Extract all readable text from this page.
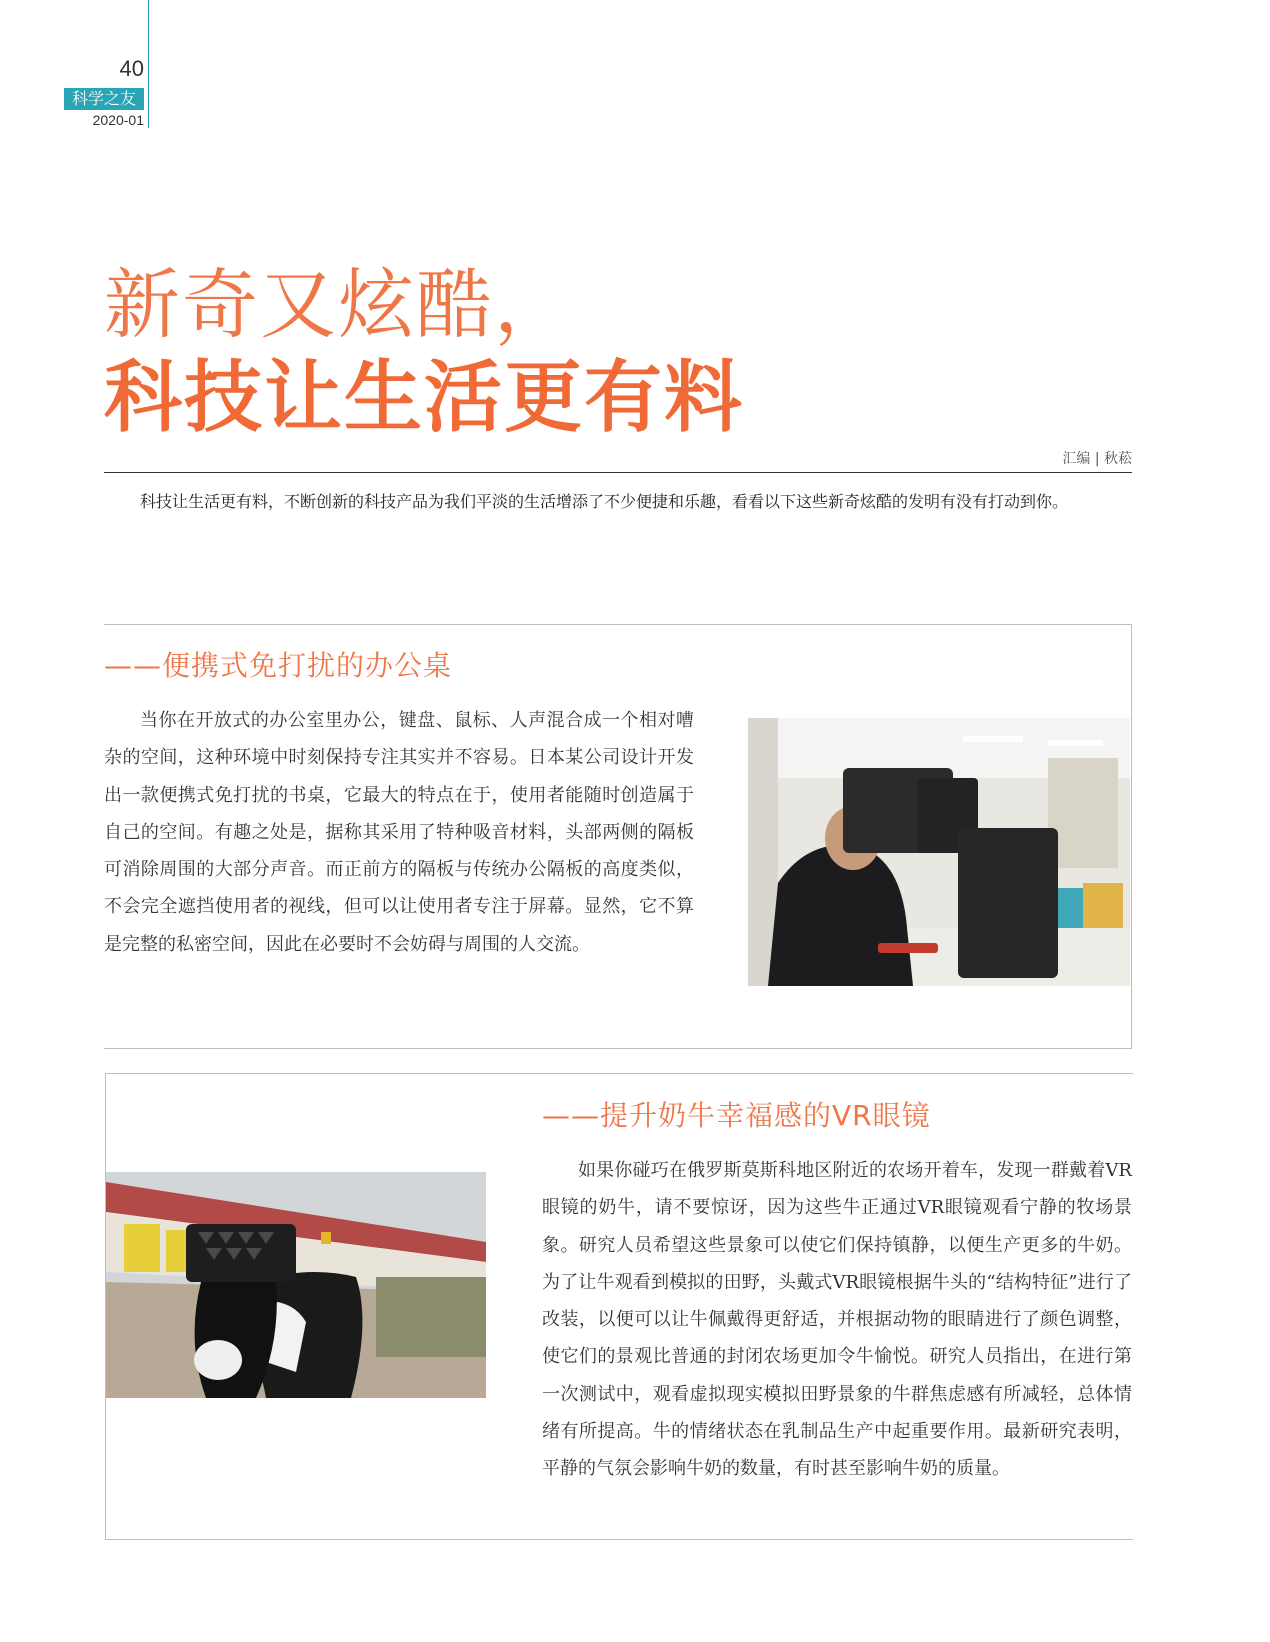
40
科学之友
2020-01
新奇又炫酷，
科技让生活更有料
汇编 | 秋菘
科技让生活更有料，不断创新的科技产品为我们平淡的生活增添了不少便捷和乐趣，看看以下这些新奇炫酷的发明有没有打动到你。
——便携式免打扰的办公桌
当你在开放式的办公室里办公，键盘、鼠标、人声混合成一个相对嘈杂的空间，这种环境中时刻保持专注其实并不容易。日本某公司设计开发出一款便携式免打扰的书桌，它最大的特点在于，使用者能随时创造属于自己的空间。有趣之处是，据称其采用了特种吸音材料，头部两侧的隔板可消除周围的大部分声音。而正前方的隔板与传统办公隔板的高度类似，不会完全遮挡使用者的视线，但可以让使用者专注于屏幕。显然，它不算是完整的私密空间，因此在必要时不会妨碍与周围的人交流。
——提升奶牛幸福感的VR眼镜
如果你碰巧在俄罗斯莫斯科地区附近的农场开着车，发现一群戴着VR眼镜的奶牛，请不要惊讶，因为这些牛正通过VR眼镜观看宁静的牧场景象。研究人员希望这些景象可以使它们保持镇静，以便生产更多的牛奶。为了让牛观看到模拟的田野，头戴式VR眼镜根据牛头的“结构特征”进行了改装，以便可以让牛佩戴得更舒适，并根据动物的眼睛进行了颜色调整，使它们的景观比普通的封闭农场更加令牛愉悦。研究人员指出，在进行第一次测试中，观看虚拟现实模拟田野景象的牛群焦虑感有所减轻，总体情绪有所提高。牛的情绪状态在乳制品生产中起重要作用。最新研究表明，平静的气氛会影响牛奶的数量，有时甚至影响牛奶的质量。
